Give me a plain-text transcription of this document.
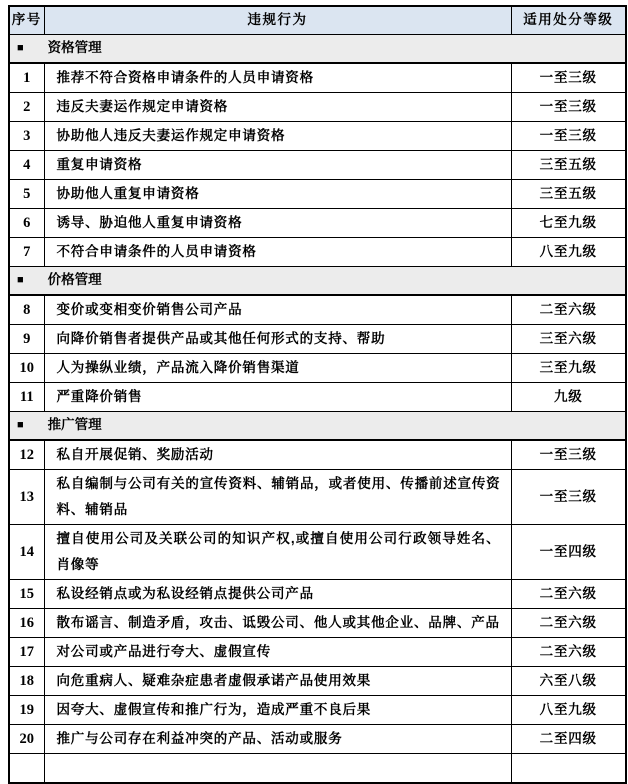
序号	违规行为	适用处分等级
■ 资格管理		
1	推荐不符合资格申请条件的人员申请资格	一至三级
2	违反夫妻运作规定申请资格	一至三级
3	协助他人违反夫妻运作规定申请资格	一至三级
4	重复申请资格	三至五级
5	协助他人重复申请资格	三至五级
6	诱导、胁迫他人重复申请资格	七至九级
7	不符合申请条件的人员申请资格	八至九级
■ 价格管理		
8	变价或变相变价销售公司产品	二至六级
9	向降价销售者提供产品或其他任何形式的支持、帮助	三至六级
10	人为操纵业绩，产品流入降价销售渠道	三至九级
11	严重降价销售	九级
■ 推广管理		
12	私自开展促销、奖励活动	一至三级
13	私自编制与公司有关的宣传资料、辅销品，或者使用、传播前述宣传资料、辅销品	一至三级
14	擅自使用公司及关联公司的知识产权,或擅自使用公司行政领导姓名、肖像等	一至四级
15	私设经销点或为私设经销点提供公司产品	二至六级
16	散布谣言、制造矛盾，攻击、诋毁公司、他人或其他企业、品牌、产品	二至六级
17	对公司或产品进行夸大、虚假宣传	二至六级
18	向危重病人、疑难杂症患者虚假承诺产品使用效果	六至八级
19	因夸大、虚假宣传和推广行为，造成严重不良后果	八至九级
20	推广与公司存在利益冲突的产品、活动或服务	二至四级
